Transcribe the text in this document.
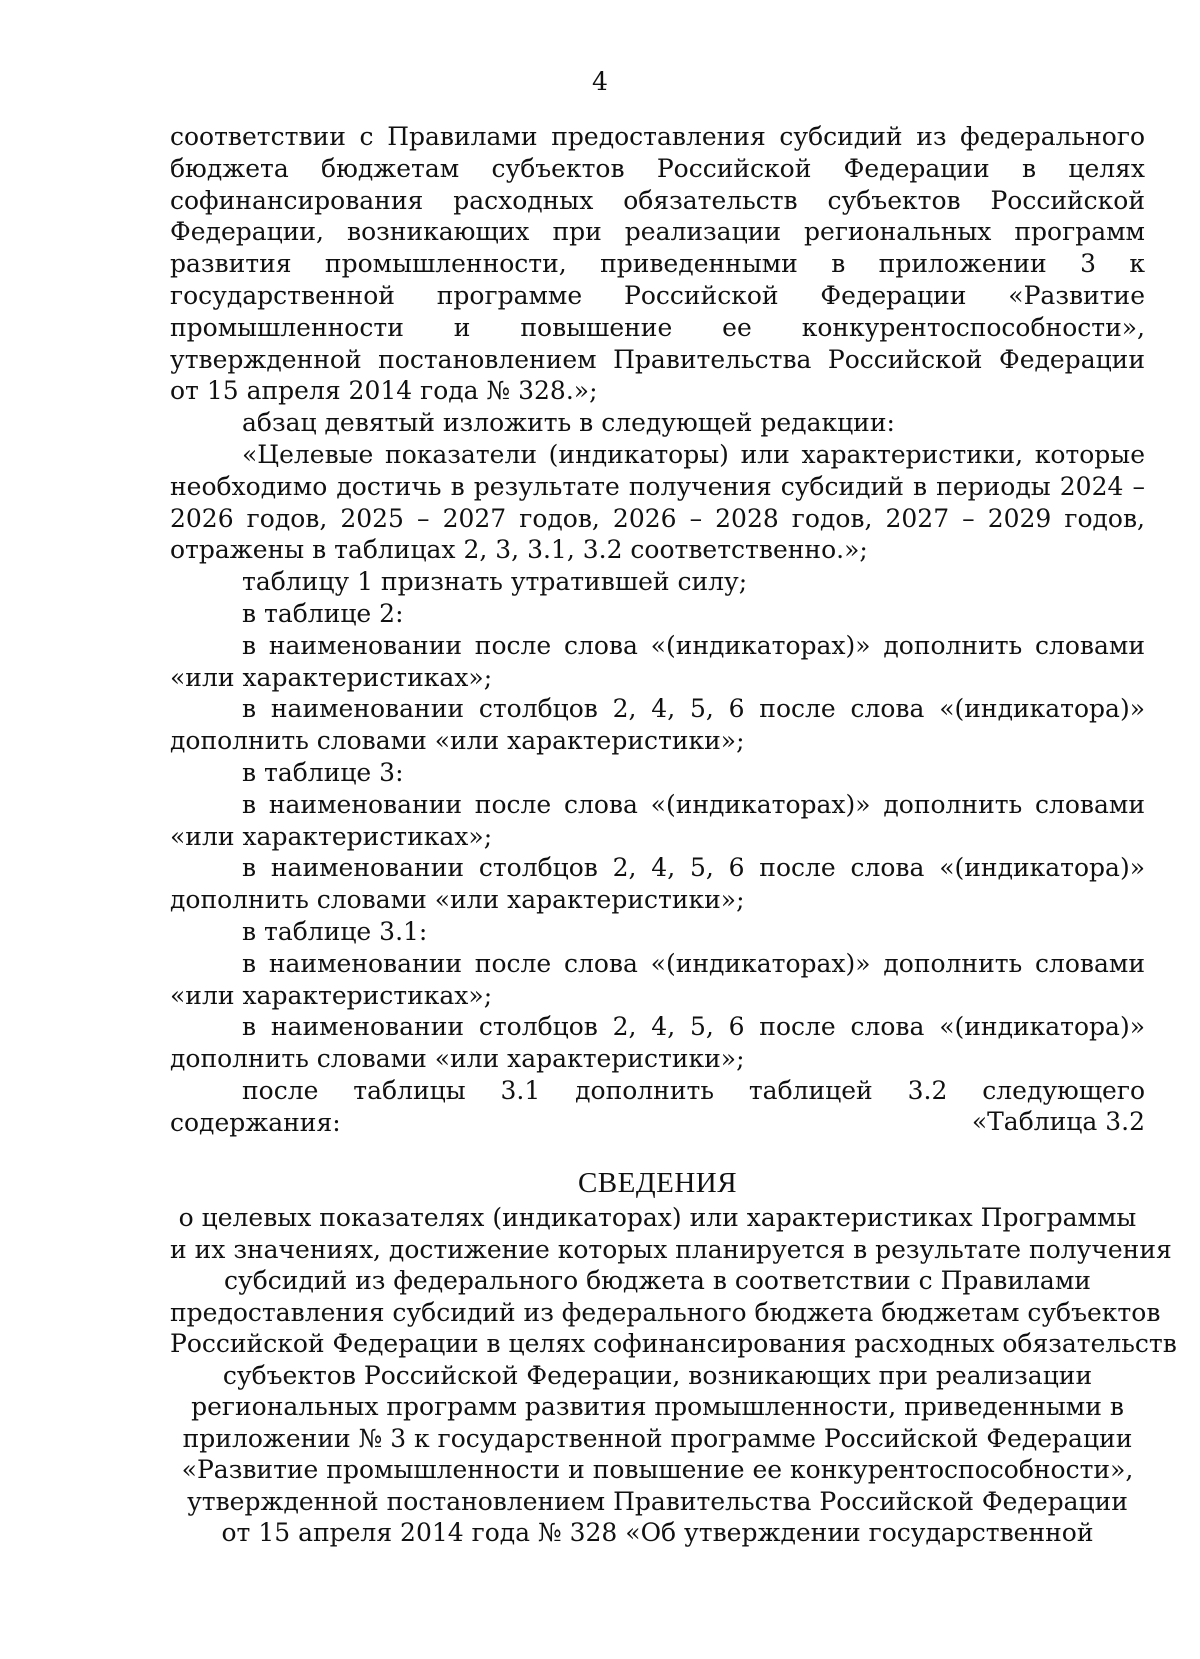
4

соответствии с Правилами предоставления субсидий из федерального бюджета бюджетам субъектов Российской Федерации в целях софинансирования расходных обязательств субъектов Российской Федерации, возникающих при реализации региональных программ развития промышленности, приведенными в приложении 3 к государственной программе Российской Федерации «Развитие промышленности и повышение ее конкурентоспособности», утвержденной постановлением Правительства Российской Федерации от 15 апреля 2014 года № 328.»;

абзац девятый изложить в следующей редакции:

«Целевые показатели (индикаторы) или характеристики, которые необходимо достичь в результате получения субсидий в периоды 2024 – 2026 годов, 2025 – 2027 годов, 2026 – 2028 годов, 2027 – 2029 годов, отражены в таблицах 2, 3, 3.1, 3.2 соответственно.»;

таблицу 1 признать утратившей силу;

в таблице 2:

в наименовании после слова «(индикаторах)» дополнить словами «или характеристиках»;

в наименовании столбцов 2, 4, 5, 6 после слова «(индикатора)» дополнить словами «или характеристики»;

в таблице 3:

в наименовании после слова «(индикаторах)» дополнить словами «или характеристиках»;

в наименовании столбцов 2, 4, 5, 6 после слова «(индикатора)» дополнить словами «или характеристики»;

в таблице 3.1:

в наименовании после слова «(индикаторах)» дополнить словами «или характеристиках»;

в наименовании столбцов 2, 4, 5, 6 после слова «(индикатора)» дополнить словами «или характеристики»;

после таблицы 3.1 дополнить таблицей 3.2 следующего содержания:	«Таблица 3.2
СВЕДЕНИЯ
о целевых показателях (индикаторах) или характеристиках Программы
и их значениях, достижение которых планируется в результате получения
субсидий из федерального бюджета в соответствии с Правилами
предоставления субсидий из федерального бюджета бюджетам субъектов
Российской Федерации в целях софинансирования расходных обязательств
субъектов Российской Федерации, возникающих при реализации
региональных программ развития промышленности, приведенными в
приложении № 3 к государственной программе Российской Федерации
«Развитие промышленности и повышение ее конкурентоспособности»,
утвержденной постановлением Правительства Российской Федерации
от 15 апреля 2014 года № 328 «Об утверждении государственной
